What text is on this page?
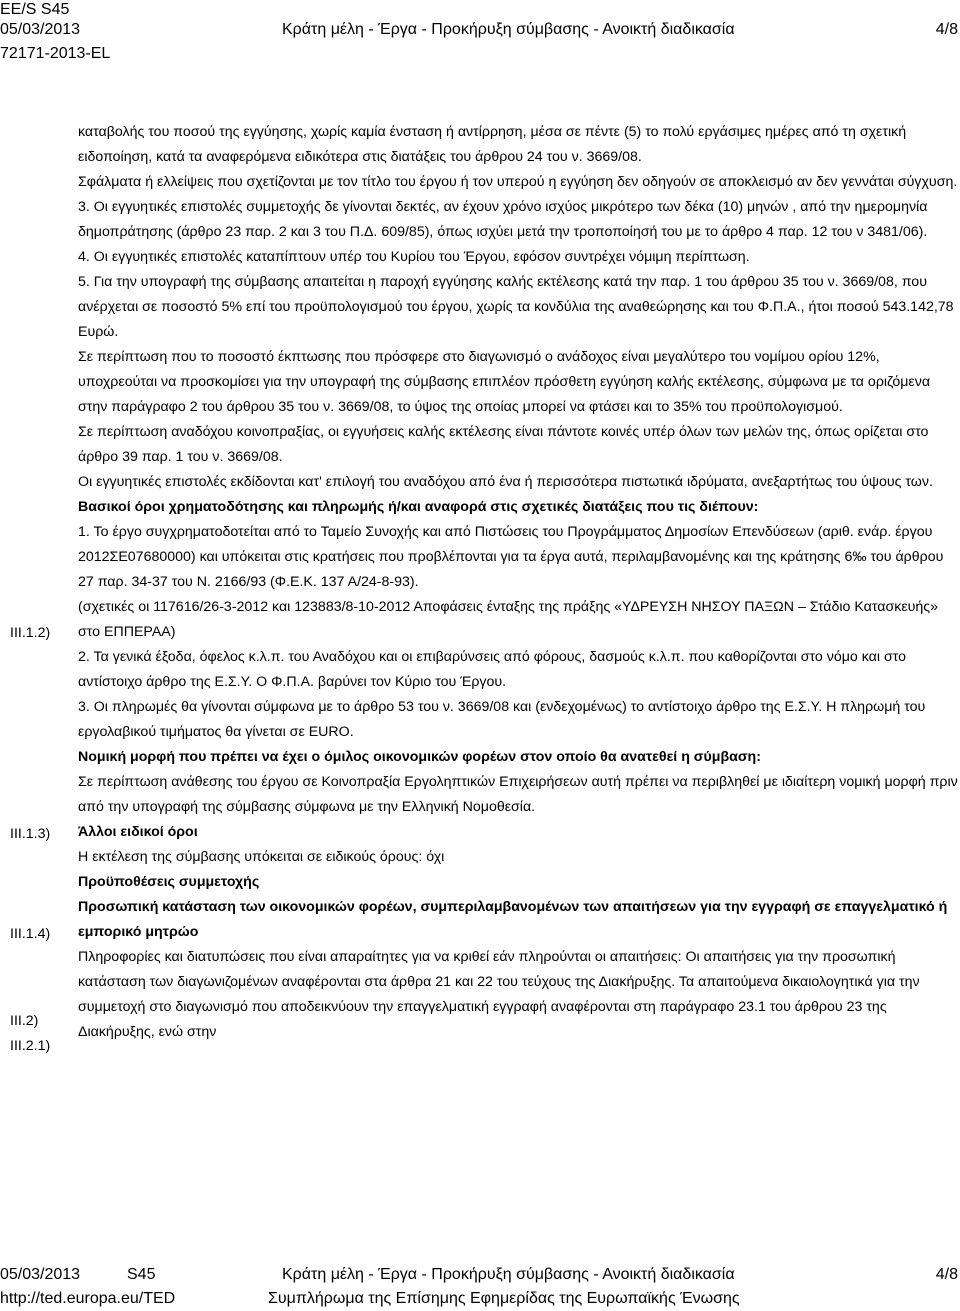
EE/S S45
05/03/2013
72171-2013-EL
Κράτη μέλη - Έργα - Προκήρυξη σύμβασης - Ανοικτή διαδικασία	4/8
III.1.2)
III.1.3)
III.1.4)
III.2)
III.2.1)

καταβολής του ποσού της εγγύησης, χωρίς καμία ένσταση ή αντίρρηση, μέσα σε πέντε (5) το πολύ εργάσιμες ημέρες από τη σχετική ειδοποίηση, κατά τα αναφερόμενα ειδικότερα στις διατάξεις του άρθρου 24 του ν. 3669/08.

Σφάλματα ή ελλείψεις που σχετίζονται με τον τίτλο του έργου ή τον υπερού η εγγύηση δεν οδηγούν σε αποκλεισμό αν δεν γεννάται σύγχυση.

3. Οι εγγυητικές επιστολές συμμετοχής δε γίνονται δεκτές, αν έχουν χρόνο ισχύος μικρότερο των δέκα (10) μηνών , από την ημερομηνία δημοπράτησης (άρθρο 23 παρ. 2 και 3 του Π.Δ. 609/85), όπως ισχύει μετά την τροποποίησή του με το άρθρο 4 παρ. 12 του ν 3481/06).

4. Οι εγγυητικές επιστολές καταπίπτουν υπέρ του Κυρίου του Έργου, εφόσον συντρέχει νόμιμη περίπτωση.

5. Για την υπογραφή της σύμβασης απαιτείται η παροχή εγγύησης καλής εκτέλεσης κατά την παρ. 1 του άρθρου 35 του ν. 3669/08, που ανέρχεται σε ποσοστό 5% επί του προϋπολογισμού του έργου, χωρίς τα κονδύλια της αναθεώρησης και του Φ.Π.Α., ήτοι ποσού 543.142,78 Ευρώ.

Σε περίπτωση που το ποσοστό έκπτωσης που πρόσφερε στο διαγωνισμό ο ανάδοχος είναι μεγαλύτερο του νομίμου ορίου 12%, υποχρεούται να προσκομίσει για την υπογραφή της σύμβασης επιπλέον πρόσθετη εγγύηση καλής εκτέλεσης, σύμφωνα με τα οριζόμενα στην παράγραφο 2 του άρθρου 35 του ν. 3669/08, το ύψος της οποίας μπορεί να φτάσει και το 35% του προϋπολογισμού.

Σε περίπτωση αναδόχου κοινοπραξίας, οι εγγυήσεις καλής εκτέλεσης είναι πάντοτε κοινές υπέρ όλων των μελών της, όπως ορίζεται στο άρθρο 39 παρ. 1 του ν. 3669/08.

Οι εγγυητικές επιστολές εκδίδονται κατ' επιλογή του αναδόχου από ένα ή περισσότερα πιστωτικά ιδρύματα, ανεξαρτήτως του ύψους των.

Βασικοί όροι χρηματοδότησης και πληρωμής ή/και αναφορά στις σχετικές διατάξεις που τις διέπουν:

1. Το έργο συγχρηματοδοτείται από το Ταμείο Συνοχής και από Πιστώσεις του Προγράμματος Δημοσίων Επενδύσεων (αριθ. ενάρ. έργου 2012ΣΕ07680000) και υπόκειται στις κρατήσεις που προβλέπονται για τα έργα αυτά, περιλαμβανομένης και της κράτησης 6‰ του άρθρου 27 παρ. 34-37 του Ν. 2166/93 (Φ.Ε.Κ. 137 Α/24-8-93).

(σχετικές οι 117616/26-3-2012 και 123883/8-10-2012 Αποφάσεις ένταξης της πράξης «ΥΔΡΕΥΣΗ ΝΗΣΟΥ ΠΑΞΩΝ – Στάδιο Κατασκευής» στο ΕΠΠΕΡΑΑ)

2. Τα γενικά έξοδα, όφελος κ.λ.π. του Αναδόχου και οι επιβαρύνσεις από φόρους, δασμούς κ.λ.π. που καθορίζονται στο νόμο και στο αντίστοιχο άρθρο της Ε.Σ.Υ. Ο Φ.Π.Α. βαρύνει τον Κύριο του Έργου.

3. Οι πληρωμές θα γίνονται σύμφωνα με το άρθρο 53 του ν. 3669/08 και (ενδεχομένως) το αντίστοιχο άρθρο της Ε.Σ.Υ. Η πληρωμή του εργολαβικού τιμήματος θα γίνεται σε EURO.

Νομική μορφή που πρέπει να έχει ο όμιλος οικονομικών φορέων στον οποίο θα ανατεθεί η σύμβαση:

Σε περίπτωση ανάθεσης του έργου σε Κοινοπραξία Εργοληπτικών Επιχειρήσεων αυτή πρέπει να περιβληθεί με ιδιαίτερη νομική μορφή πριν από την υπογραφή της σύμβασης σύμφωνα με την Ελληνική Νομοθεσία.

Άλλοι ειδικοί όροι

Η εκτέλεση της σύμβασης υπόκειται σε ειδικούς όρους: όχι

Προϋποθέσεις συμμετοχής

Προσωπική κατάσταση των οικονομικών φορέων, συμπεριλαμβανομένων των απαιτήσεων για την εγγραφή σε επαγγελματικό ή εμπορικό μητρώο

Πληροφορίες και διατυπώσεις που είναι απαραίτητες για να κριθεί εάν πληρούνται οι απαιτήσεις: Οι απαιτήσεις για την προσωπική κατάσταση των διαγωνιζομένων αναφέρονται στα άρθρα 21 και 22 του τεύχους της Διακήρυξης. Τα απαιτούμενα δικαιολογητικά για την συμμετοχή στο διαγωνισμό που αποδεικνύουν την επαγγελματική εγγραφή αναφέρονται στη παράγραφο 23.1 του άρθρου 23 της Διακήρυξης, ενώ στην

05/03/2013	S45
http://ted.europa.eu/TED
Κράτη μέλη - Έργα - Προκήρυξη σύμβασης - Ανοικτή διαδικασία
Συμπλήρωμα της Επίσημης Εφημερίδας της Ευρωπαϊκής Ένωσης
4/8
